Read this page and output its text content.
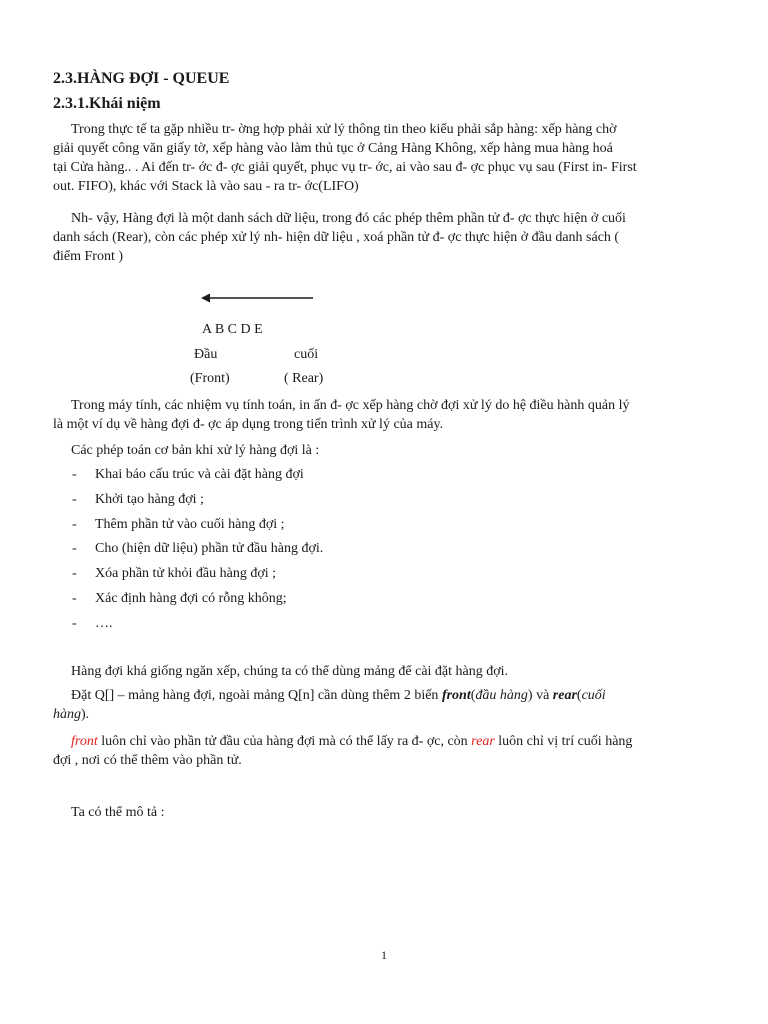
2.3.HÀNG ĐỢI - QUEUE
2.3.1.Khái niệm

Trong thực tế ta gặp nhiều tr- ờng hợp phải xử lý thông tin theo kiểu phải sắp hàng: xếp hàng chờ
giải quyết công văn giấy tờ, xếp hàng vào làm thủ tục ở Cảng Hàng Không, xếp hàng mua hàng hoá
tại Cửa hàng.. . Ai đến tr- ớc đ- ợc giải quyết, phục vụ tr- ớc, ai vào sau đ- ợc phục vụ sau (First in- First
out. FIFO), khác với Stack là vào sau - ra tr- ớc(LIFO)

Nh- vậy, Hàng đợi là một danh sách dữ liệu, trong đó các phép thêm phần tử đ- ợc thực hiện ở cuối
danh sách (Rear), còn các phép xử lý nh- hiện dữ liệu , xoá phần tử đ- ợc thực hiện ở đầu danh sách (
điểm Front )

A B C D E
Đầu	cuối
(Front)	( Rear)

Trong máy tính, các nhiệm vụ tính toán, in ấn đ- ợc xếp hàng chờ đợi xử lý do hệ điều hành quản lý
là một ví dụ về hàng đợi đ- ợc áp dụng trong tiến trình xử lý của máy.

Các phép toán cơ bản khi xử lý hàng đợi là :
- Khai báo cấu trúc và cài đặt hàng đợi
- Khởi tạo hàng đợi ;
- Thêm phần tử vào cuối hàng đợi ;
- Cho (hiện dữ liệu) phần tử đầu hàng đợi.
- Xóa phần tử khỏi đầu hàng đợi ;
- Xác định hàng đợi có rỗng không;
- ….
Hàng đợi khá giống ngăn xếp, chúng ta có thể dùng mảng để cài đặt hàng đợi.

Đặt Q[] – mảng hàng đợi, ngoài mảng Q[n] cần dùng thêm 2 biến front(đầu hàng) và rear(cuối
hàng).

front luôn chỉ vào phần tử đầu của hàng đợi mà có thể lấy ra đ- ợc, còn rear luôn chỉ vị trí cuối hàng
đợi , nơi có thể thêm vào phần tử.

Ta có thể mô tả :
1
